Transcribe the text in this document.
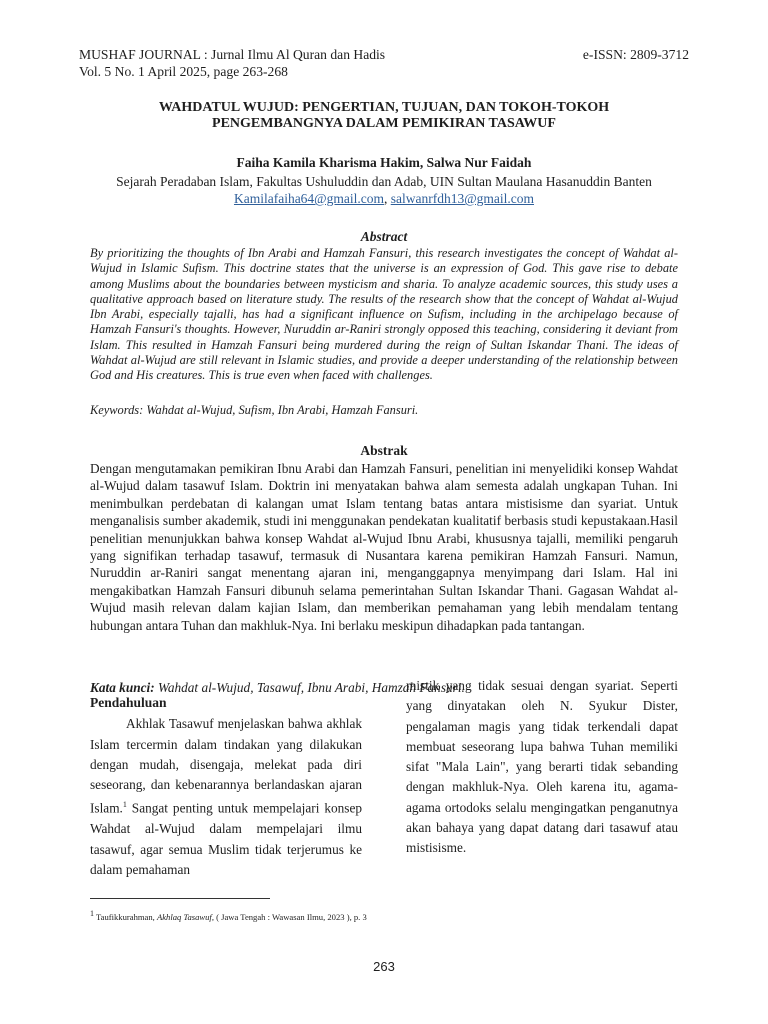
MUSHAF JOURNAL : Jurnal Ilmu Al Quran dan Hadis
Vol. 5 No. 1 April 2025, page 263-268
e-ISSN: 2809-3712
WAHDATUL WUJUD: PENGERTIAN, TUJUAN, DAN TOKOH-TOKOH
PENGEMBANGNYA DALAM PEMIKIRAN TASAWUF
Faiha Kamila Kharisma Hakim, Salwa Nur Faidah
Sejarah Peradaban Islam, Fakultas Ushuluddin dan Adab, UIN Sultan Maulana Hasanuddin Banten
Kamilafaiha64@gmail.com, salwanrfdh13@gmail.com
Abstract
By prioritizing the thoughts of Ibn Arabi and Hamzah Fansuri, this research investigates the concept of Wahdat al-Wujud in Islamic Sufism. This doctrine states that the universe is an expression of God. This gave rise to debate among Muslims about the boundaries between mysticism and sharia. To analyze academic sources, this study uses a qualitative approach based on literature study. The results of the research show that the concept of Wahdat al-Wujud Ibn Arabi, especially tajalli, has had a significant influence on Sufism, including in the archipelago because of Hamzah Fansuri's thoughts. However, Nuruddin ar-Raniri strongly opposed this teaching, considering it deviant from Islam. This resulted in Hamzah Fansuri being murdered during the reign of Sultan Iskandar Thani. The ideas of Wahdat al-Wujud are still relevant in Islamic studies, and provide a deeper understanding of the relationship between God and His creatures. This is true even when faced with challenges.
Keywords: Wahdat al-Wujud, Sufism, Ibn Arabi, Hamzah Fansuri.
Abstrak
Dengan mengutamakan pemikiran Ibnu Arabi dan Hamzah Fansuri, penelitian ini menyelidiki konsep Wahdat al-Wujud dalam tasawuf Islam. Doktrin ini menyatakan bahwa alam semesta adalah ungkapan Tuhan. Ini menimbulkan perdebatan di kalangan umat Islam tentang batas antara mistisisme dan syariat. Untuk menganalisis sumber akademik, studi ini menggunakan pendekatan kualitatif berbasis studi kepustakaan.Hasil penelitian menunjukkan bahwa konsep Wahdat al-Wujud Ibnu Arabi, khususnya tajalli, memiliki pengaruh yang signifikan terhadap tasawuf, termasuk di Nusantara karena pemikiran Hamzah Fansuri. Namun, Nuruddin ar-Raniri sangat menentang ajaran ini, menganggapnya menyimpang dari Islam. Hal ini mengakibatkan Hamzah Fansuri dibunuh selama pemerintahan Sultan Iskandar Thani. Gagasan Wahdat al-Wujud masih relevan dalam kajian Islam, dan memberikan pemahaman yang lebih mendalam tentang hubungan antara Tuhan dan makhluk-Nya. Ini berlaku meskipun dihadapkan pada tantangan.
Kata kunci: Wahdat al-Wujud, Tasawuf, Ibnu Arabi, Hamzah Fansuri.
Pendahuluan
Akhlak Tasawuf menjelaskan bahwa akhlak Islam tercermin dalam tindakan yang dilakukan dengan mudah, disengaja, melekat pada diri seseorang, dan kebenarannya berlandaskan ajaran Islam.$^1$ Sangat penting untuk mempelajari konsep Wahdat al-Wujud dalam mempelajari ilmu tasawuf, agar semua Muslim tidak terjerumus ke dalam pemahaman
mistik yang tidak sesuai dengan syariat. Seperti yang dinyatakan oleh N. Syukur Dister, pengalaman magis yang tidak terkendali dapat membuat seseorang lupa bahwa Tuhan memiliki sifat "Mala Lain", yang berarti tidak sebanding dengan makhluk-Nya. Oleh karena itu, agama-agama ortodoks selalu mengingatkan penganutnya akan bahaya yang dapat datang dari tasawuf atau mistisisme.
$^1$ Taufikkurahman, Akhlaq Tasawuf, ( Jawa Tengah : Wawasan Ilmu, 2023 ), p. 3
263
